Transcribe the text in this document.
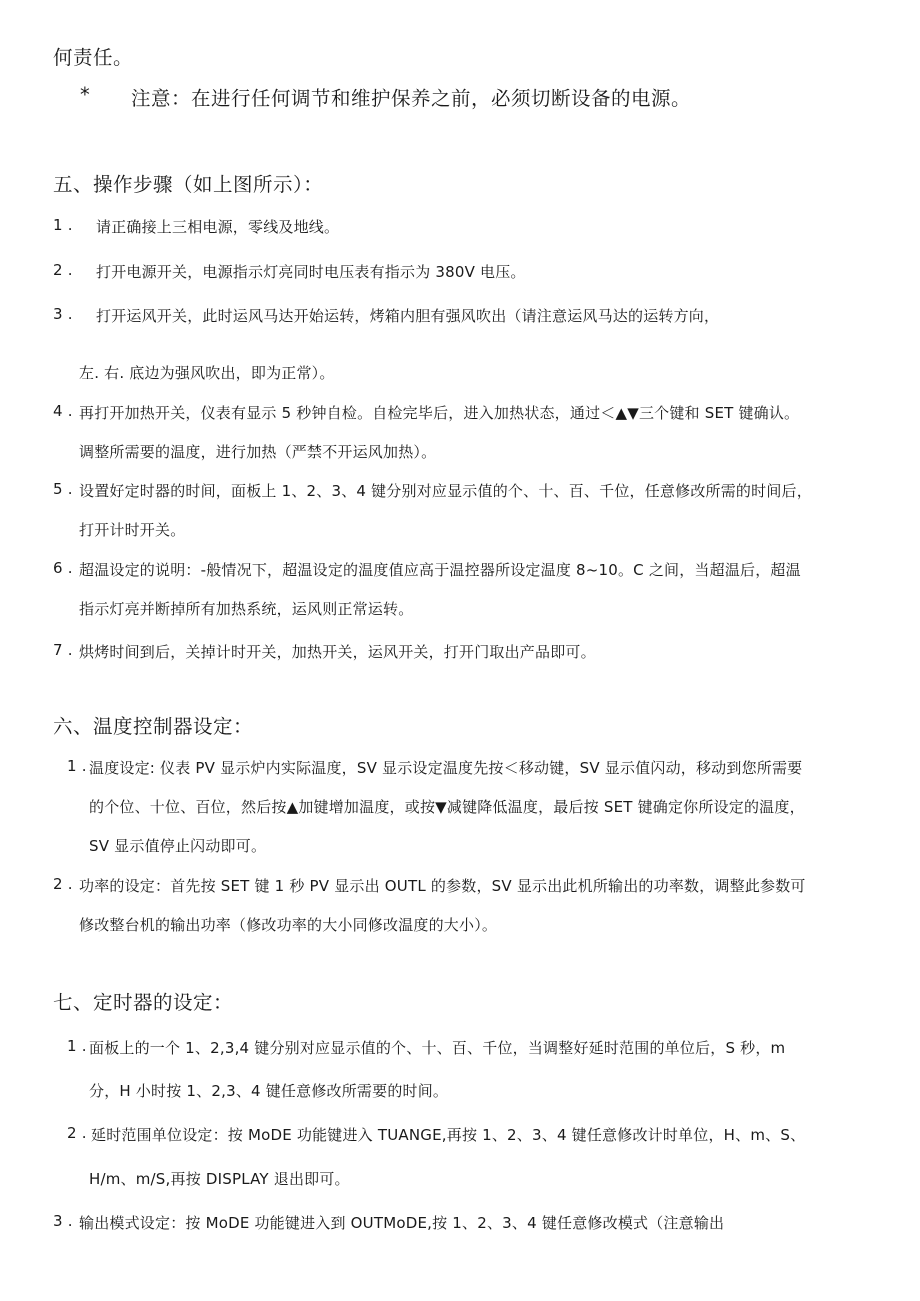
何责任。
* 注意：在进行任何调节和维护保养之前，必须切断设备的电源。
五、操作步骤（如上图所示）：
1 . 请正确接上三相电源，零线及地线。
2 . 打开电源开关，电源指示灯亮同时电压表有指示为 380V 电压。
3 . 打开运风开关，此时运风马达开始运转，烤箱内胆有强风吹出（请注意运风马达的运转方向，
左. 右. 底边为强风吹出，即为正常）。
4 . 再打开加热开关，仪表有显示 5 秒钟自检。自检完毕后，进入加热状态，通过＜▲▼三个键和 SET 键确认。
调整所需要的温度，进行加热（严禁不开运风加热）。
5 . 设置好定时器的时间，面板上 1、2、3、4 键分别对应显示值的个、十、百、千位，任意修改所需的时间后，
打开计时开关。
6 . 超温设定的说明：-般情况下，超温设定的温度值应高于温控器所设定温度 8~10。C 之间，当超温后，超温
指示灯亮并断掉所有加热系统，运风则正常运转。
7 . 烘烤时间到后，关掉计时开关，加热开关，运风开关，打开门取出产品即可。
六、温度控制器设定：
1 . 温度设定: 仪表 PV 显示炉内实际温度，SV 显示设定温度先按＜移动键，SV 显示值闪动，移动到您所需要
的个位、十位、百位，然后按▲加键增加温度，或按▼减键降低温度，最后按 SET 键确定你所设定的温度，
SV 显示值停止闪动即可。
2 . 功率的设定：首先按 SET 键 1 秒 PV 显示出 OUTL 的参数，SV 显示出此机所输出的功率数，调整此参数可
修改整台机的输出功率（修改功率的大小同修改温度的大小）。
七、定时器的设定：
1 . 面板上的一个 1、2,3,4 键分别对应显示值的个、十、百、千位，当调整好延时范围的单位后，S 秒，m
分，H 小时按 1、2,3、4 键任意修改所需要的时间。
2 . 延时范围单位设定：按 MoDE 功能键进入 TUANGE,再按 1、2、3、4 键任意修改计时单位，H、m、S、
H/m、m/S,再按 DISPLAY 退出即可。
3 . 输出模式设定：按 MoDE 功能键进入到 OUTMoDE,按 1、2、3、4 键任意修改模式（注意输出
